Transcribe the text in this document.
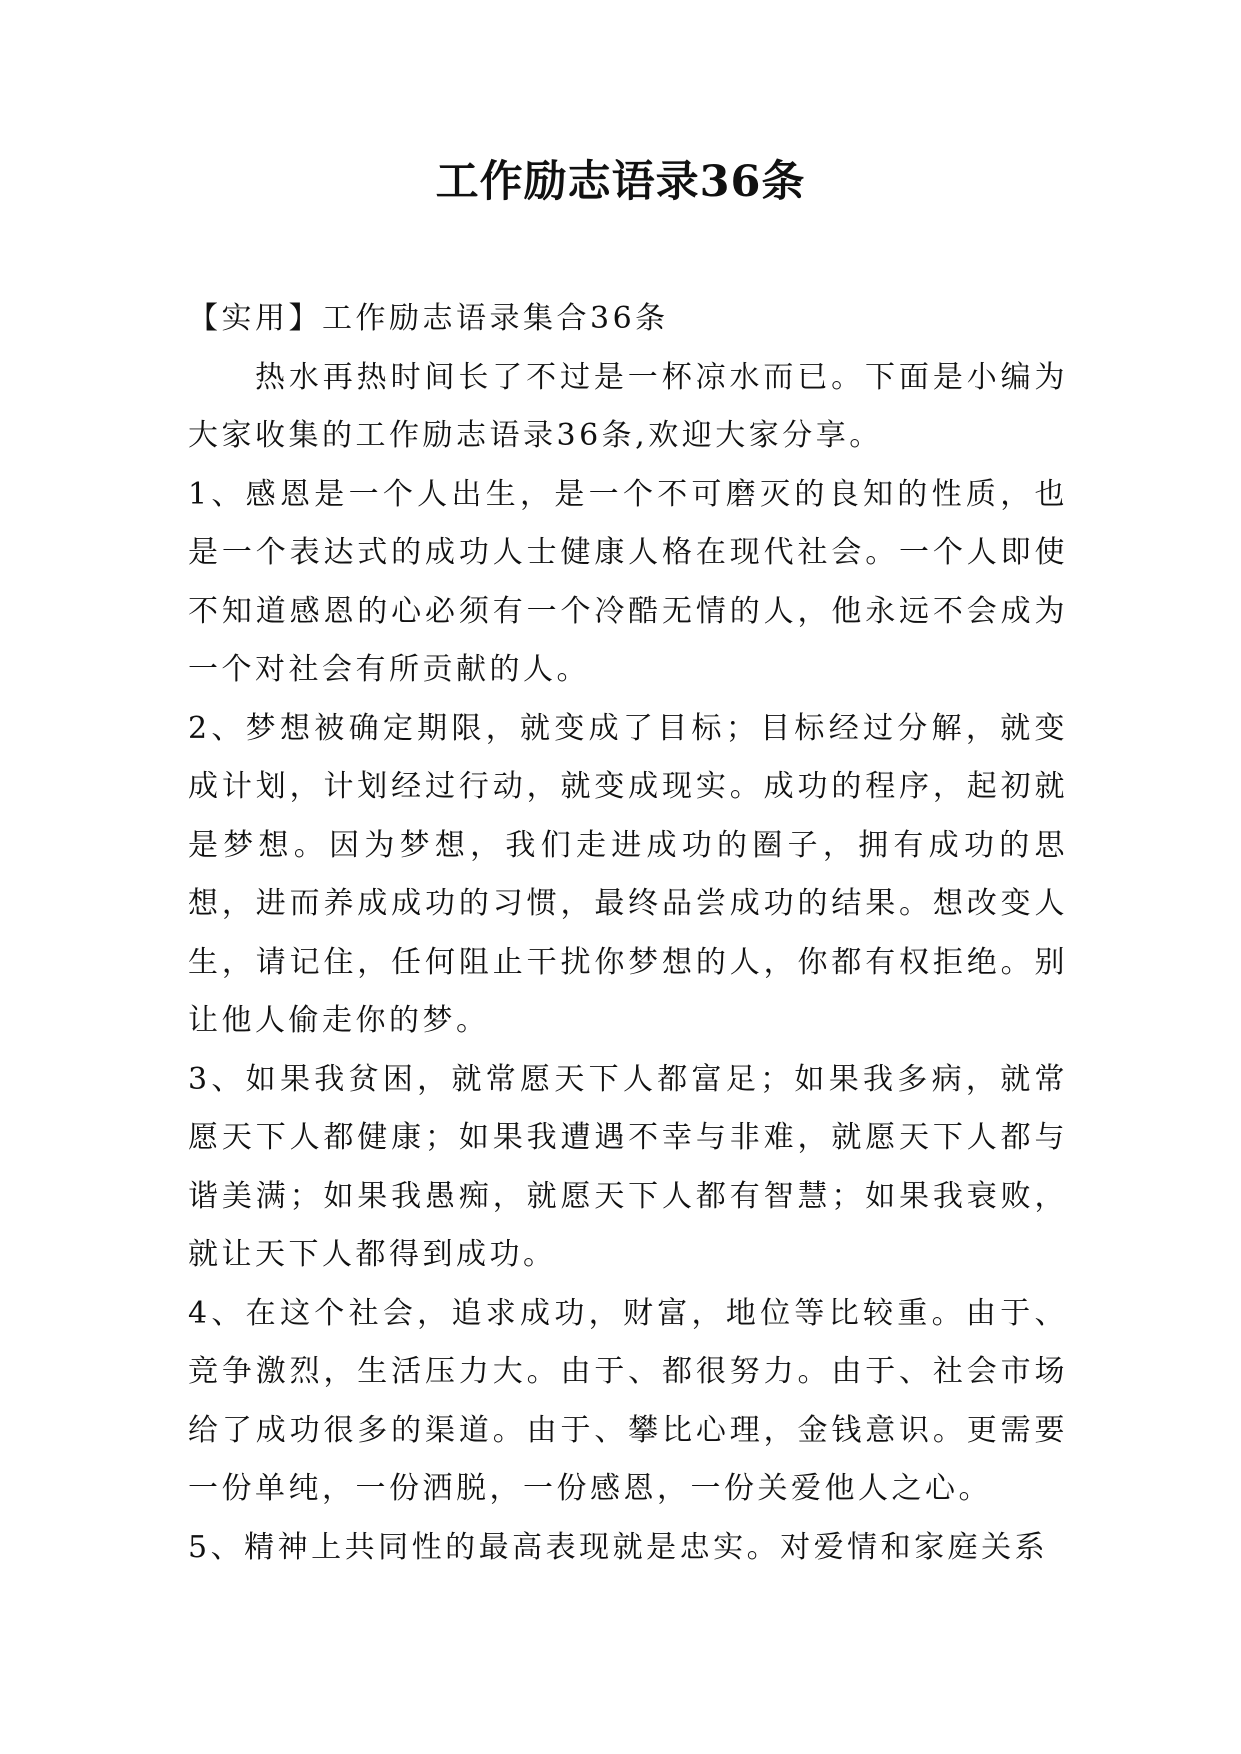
工作励志语录36条

【实用】工作励志语录集合36条

热水再热时间长了不过是一杯凉水而已。下面是小编为大家收集的工作励志语录36条,欢迎大家分享。

1、感恩是一个人出生，是一个不可磨灭的良知的性质，也是一个表达式的成功人士健康人格在现代社会。一个人即使不知道感恩的心必须有一个冷酷无情的人，他永远不会成为一个对社会有所贡献的人。

2、梦想被确定期限，就变成了目标；目标经过分解，就变成计划，计划经过行动，就变成现实。成功的程序，起初就是梦想。因为梦想，我们走进成功的圈子，拥有成功的思想，进而养成成功的习惯，最终品尝成功的结果。想改变人生，请记住，任何阻止干扰你梦想的人，你都有权拒绝。别让他人偷走你的梦。

3、如果我贫困，就常愿天下人都富足；如果我多病，就常愿天下人都健康；如果我遭遇不幸与非难，就愿天下人都与谐美满；如果我愚痴，就愿天下人都有智慧；如果我衰败，就让天下人都得到成功。

4、在这个社会，追求成功，财富，地位等比较重。由于、竞争激烈，生活压力大。由于、都很努力。由于、社会市场给了成功很多的渠道。由于、攀比心理，金钱意识。更需要一份单纯，一份洒脱，一份感恩，一份关爱他人之心。

5、精神上共同性的最高表现就是忠实。对爱情和家庭关系
